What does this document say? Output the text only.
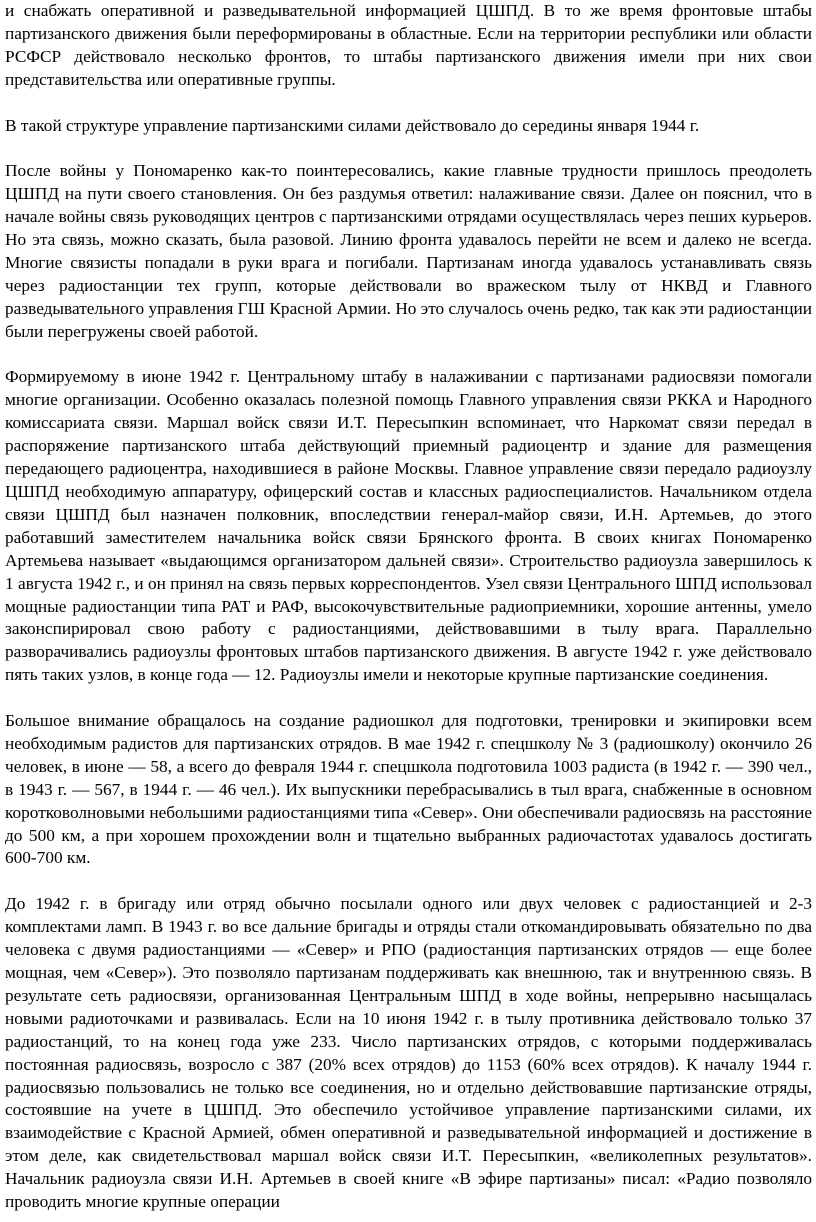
и снабжать оперативной и разведывательной информацией ЦШПД. В то же время фронтовые штабы партизанского движения были переформированы в областные. Если на территории республики или области РСФСР действовало несколько фронтов, то штабы партизанского движения имели при них свои представительства или оперативные группы.

В такой структуре управление партизанскими силами действовало до середины января 1944 г.

После войны у Пономаренко как-то поинтересовались, какие главные трудности пришлось преодолеть ЦШПД на пути своего становления. Он без раздумья ответил: налаживание связи. Далее он пояснил, что в начале войны связь руководящих центров с партизанскими отрядами осуществлялась через пеших курьеров. Но эта связь, можно сказать, была разовой. Линию фронта удавалось перейти не всем и далеко не всегда. Многие связисты попадали в руки врага и погибали. Партизанам иногда удавалось устанавливать связь через радиостанции тех групп, которые действовали во вражеском тылу от НКВД и Главного разведывательного управления ГШ Красной Армии. Но это случалось очень редко, так как эти радиостанции были перегружены своей работой.

Формируемому в июне 1942 г. Центральному штабу в налаживании с партизанами радиосвязи помогали многие организации. Особенно оказалась полезной помощь Главного управления связи РККА и Народного комиссариата связи. Маршал войск связи И.Т. Пересыпкин вспоминает, что Наркомат связи передал в распоряжение партизанского штаба действующий приемный радиоцентр и здание для размещения передающего радиоцентра, находившиеся в районе Москвы. Главное управление связи передало радиоузлу ЦШПД необходимую аппаратуру, офицерский состав и классных радиоспециалистов. Начальником отдела связи ЦШПД был назначен полковник, впоследствии генерал-майор связи, И.Н. Артемьев, до этого работавший заместителем начальника войск связи Брянского фронта. В своих книгах Пономаренко Артемьева называет «выдающимся организатором дальней связи». Строительство радиоузла завершилось к 1 августа 1942 г., и он принял на связь первых корреспондентов. Узел связи Центрального ШПД использовал мощные радиостанции типа РАТ и РАФ, высокочувствительные радиоприемники, хорошие антенны, умело законспирировал свою работу с радиостанциями, действовавшими в тылу врага. Параллельно разворачивались радиоузлы фронтовых штабов партизанского движения. В августе 1942 г. уже действовало пять таких узлов, в конце года — 12. Радиоузлы имели и некоторые крупные партизанские соединения.

Большое внимание обращалось на создание радиошкол для подготовки, тренировки и экипировки всем необходимым радистов для партизанских отрядов. В мае 1942 г. спецшколу № 3 (радиошколу) окончило 26 человек, в июне — 58, а всего до февраля 1944 г. спецшкола подготовила 1003 радиста (в 1942 г. — 390 чел., в 1943 г. — 567, в 1944 г. — 46 чел.). Их выпускники перебрасывались в тыл врага, снабженные в основном коротковолновыми небольшими радиостанциями типа «Север». Они обеспечивали радиосвязь на расстояние до 500 км, а при хорошем прохождении волн и тщательно выбранных радиочастотах удавалось достигать 600-700 км.

До 1942 г. в бригаду или отряд обычно посылали одного или двух человек с радиостанцией и 2-3 комплектами ламп. В 1943 г. во все дальние бригады и отряды стали откомандировывать обязательно по два человека с двумя радиостанциями — «Север» и РПО (радиостанция партизанских отрядов — еще более мощная, чем «Север»). Это позволяло партизанам поддерживать как внешнюю, так и внутреннюю связь. В результате сеть радиосвязи, организованная Центральным ШПД в ходе войны, непрерывно насыщалась новыми радиоточками и развивалась. Если на 10 июня 1942 г. в тылу противника действовало только 37 радиостанций, то на конец года уже 233. Число партизанских отрядов, с которыми поддерживалась постоянная радиосвязь, возросло с 387 (20% всех отрядов) до 1153 (60% всех отрядов). К началу 1944 г. радиосвязью пользовались не только все соединения, но и отдельно действовавшие партизанские отряды, состоявшие на учете в ЦШПД. Это обеспечило устойчивое управление партизанскими силами, их взаимодействие с Красной Армией, обмен оперативной и разведывательной информацией и достижение в этом деле, как свидетельствовал маршал войск связи И.Т. Пересыпкин, «великолепных результатов». Начальник радиоузла связи И.Н. Артемьев в своей книге «В эфире партизаны» писал: «Радио позволяло проводить многие крупные операции
